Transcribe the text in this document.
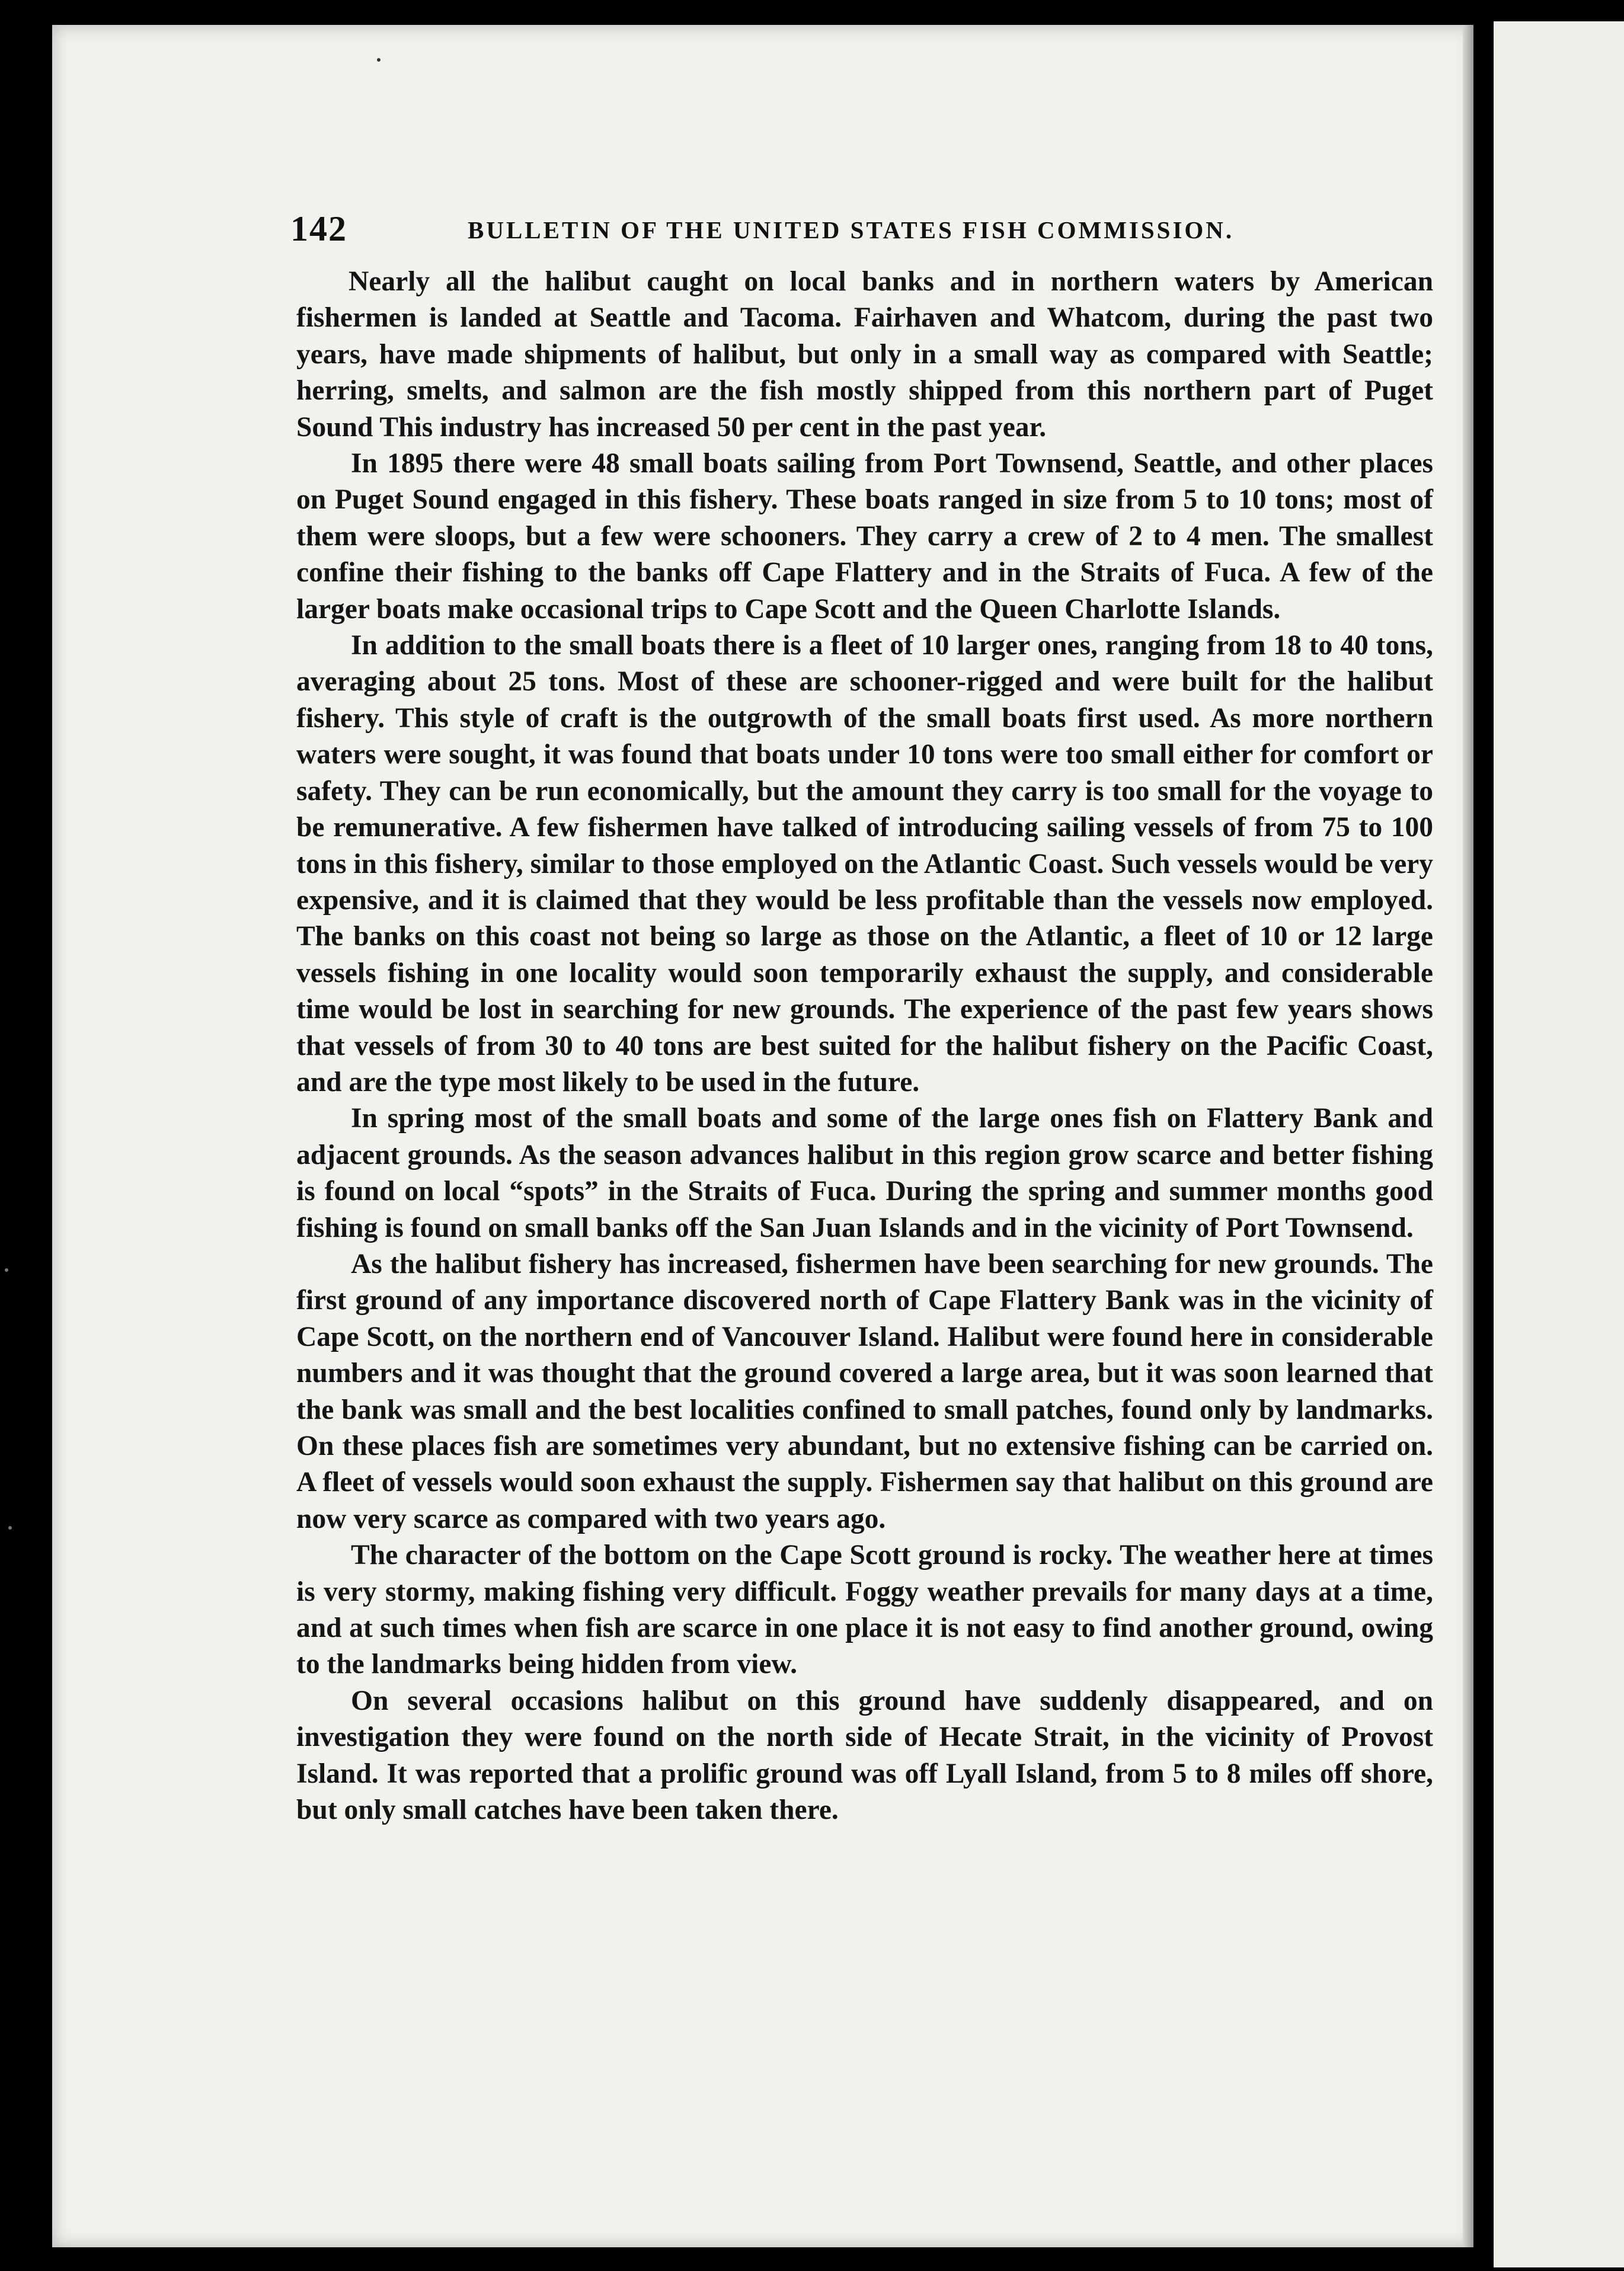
142	BULLETIN OF THE UNITED STATES FISH COMMISSION.

Nearly all the halibut caught on local banks and in northern waters by American fishermen is landed at Seattle and Tacoma. Fairhaven and Whatcom, during the past two years, have made shipments of halibut, but only in a small way as compared with Seattle; herring, smelts, and salmon are the fish mostly shipped from this northern part of Puget Sound This industry has increased 50 per cent in the past year.

In 1895 there were 48 small boats sailing from Port Townsend, Seattle, and other places on Puget Sound engaged in this fishery. These boats ranged in size from 5 to 10 tons; most of them were sloops, but a few were schooners. They carry a crew of 2 to 4 men. The smallest confine their fishing to the banks off Cape Flattery and in the Straits of Fuca. A few of the larger boats make occasional trips to Cape Scott and the Queen Charlotte Islands.

In addition to the small boats there is a fleet of 10 larger ones, ranging from 18 to 40 tons, averaging about 25 tons. Most of these are schooner-rigged and were built for the halibut fishery. This style of craft is the outgrowth of the small boats first used. As more northern waters were sought, it was found that boats under 10 tons were too small either for comfort or safety. They can be run economically, but the amount they carry is too small for the voyage to be remunerative. A few fishermen have talked of introducing sailing vessels of from 75 to 100 tons in this fishery, similar to those employed on the Atlantic Coast. Such vessels would be very expensive, and it is claimed that they would be less profitable than the vessels now employed. The banks on this coast not being so large as those on the Atlantic, a fleet of 10 or 12 large vessels fishing in one locality would soon temporarily exhaust the supply, and considerable time would be lost in searching for new grounds. The experience of the past few years shows that vessels of from 30 to 40 tons are best suited for the halibut fishery on the Pacific Coast, and are the type most likely to be used in the future.

In spring most of the small boats and some of the large ones fish on Flattery Bank and adjacent grounds. As the season advances halibut in this region grow scarce and better fishing is found on local “spots” in the Straits of Fuca. During the spring and summer months good fishing is found on small banks off the San Juan Islands and in the vicinity of Port Townsend.

As the halibut fishery has increased, fishermen have been searching for new grounds. The first ground of any importance discovered north of Cape Flattery Bank was in the vicinity of Cape Scott, on the northern end of Vancouver Island. Halibut were found here in considerable numbers and it was thought that the ground covered a large area, but it was soon learned that the bank was small and the best localities confined to small patches, found only by landmarks. On these places fish are sometimes very abundant, but no extensive fishing can be carried on. A fleet of vessels would soon exhaust the supply. Fishermen say that halibut on this ground are now very scarce as compared with two years ago.

The character of the bottom on the Cape Scott ground is rocky. The weather here at times is very stormy, making fishing very difficult. Foggy weather prevails for many days at a time, and at such times when fish are scarce in one place it is not easy to find another ground, owing to the landmarks being hidden from view.

On several occasions halibut on this ground have suddenly disappeared, and on investigation they were found on the north side of Hecate Strait, in the vicinity of Provost Island. It was reported that a prolific ground was off Lyall Island, from 5 to 8 miles off shore, but only small catches have been taken there.
